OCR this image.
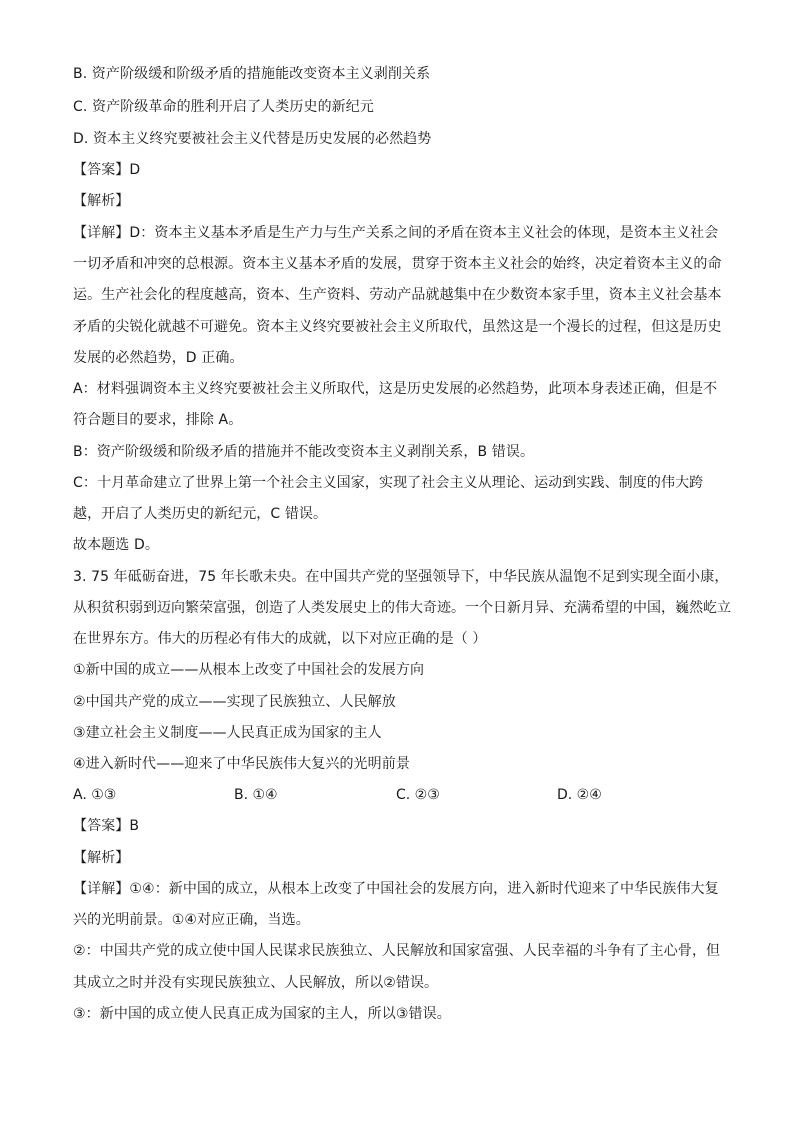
B. 资产阶级缓和阶级矛盾的措施能改变资本主义剥削关系
C. 资产阶级革命的胜利开启了人类历史的新纪元
D. 资本主义终究要被社会主义代替是历史发展的必然趋势
【答案】D
【解析】
【详解】D：资本主义基本矛盾是生产力与生产关系之间的矛盾在资本主义社会的体现，是资本主义社会
一切矛盾和冲突的总根源。资本主义基本矛盾的发展，贯穿于资本主义社会的始终，决定着资本主义的命
运。生产社会化的程度越高，资本、生产资料、劳动产品就越集中在少数资本家手里，资本主义社会基本
矛盾的尖锐化就越不可避免。资本主义终究要被社会主义所取代，虽然这是一个漫长的过程，但这是历史
发展的必然趋势，D 正确。
A：材料强调资本主义终究要被社会主义所取代，这是历史发展的必然趋势，此项本身表述正确，但是不
符合题目的要求，排除 A。
B：资产阶级缓和阶级矛盾的措施并不能改变资本主义剥削关系，B 错误。
C：十月革命建立了世界上第一个社会主义国家，实现了社会主义从理论、运动到实践、制度的伟大跨
越，开启了人类历史的新纪元，C 错误。
故本题选 D。
3. 75 年砥砺奋进，75 年长歌未央。在中国共产党的坚强领导下，中华民族从温饱不足到实现全面小康，
从积贫积弱到迈向繁荣富强，创造了人类发展史上的伟大奇迹。一个日新月异、充满希望的中国，巍然屹立
在世界东方。伟大的历程必有伟大的成就，以下对应正确的是（ ）
①新中国的成立——从根本上改变了中国社会的发展方向
②中国共产党的成立——实现了民族独立、人民解放
③建立社会主义制度——人民真正成为国家的主人
④进入新时代——迎来了中华民族伟大复兴的光明前景
A. ①③	B. ①④	C. ②③	D. ②④
【答案】B
【解析】
【详解】①④：新中国的成立，从根本上改变了中国社会的发展方向，进入新时代迎来了中华民族伟大复
兴的光明前景。①④对应正确，当选。
②：中国共产党的成立使中国人民谋求民族独立、人民解放和国家富强、人民幸福的斗争有了主心骨，但
其成立之时并没有实现民族独立、人民解放，所以②错误。
③：新中国的成立使人民真正成为国家的主人，所以③错误。
